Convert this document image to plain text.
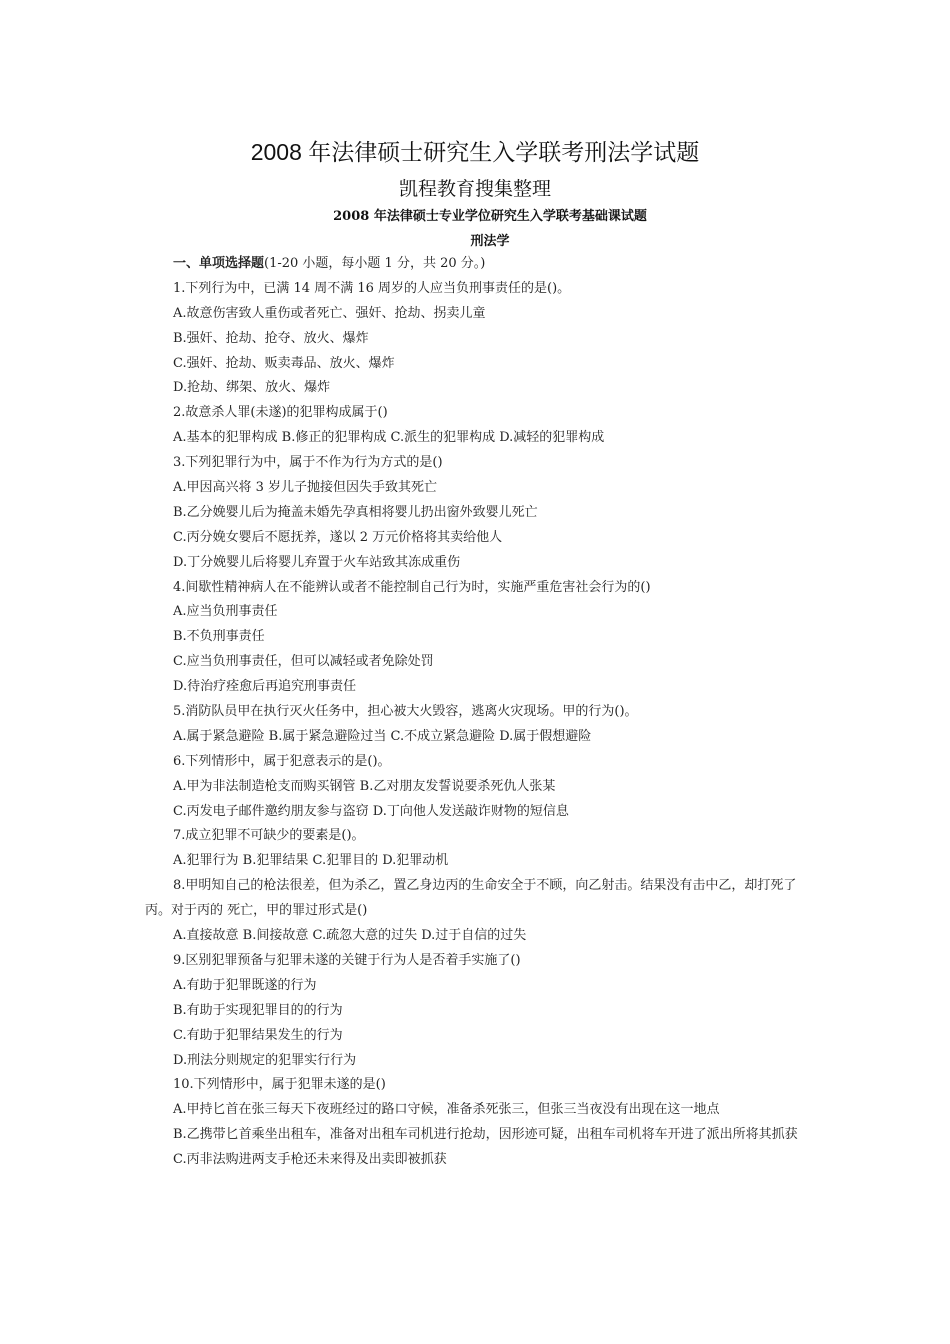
2008 年法律硕士研究生入学联考刑法学试题
凯程教育搜集整理
2008 年法律硕士专业学位研究生入学联考基础课试题
刑法学
一、单项选择题(1-20 小题，每小题 1 分，共 20 分。)
1.下列行为中，已满 14 周不满 16 周岁的人应当负刑事责任的是()。
A.故意伤害致人重伤或者死亡、强奸、抢劫、拐卖儿童
B.强奸、抢劫、抢夺、放火、爆炸
C.强奸、抢劫、贩卖毒品、放火、爆炸
D.抢劫、绑架、放火、爆炸
2.故意杀人罪(未遂)的犯罪构成属于()
A.基本的犯罪构成 B.修正的犯罪构成 C.派生的犯罪构成 D.减轻的犯罪构成
3.下列犯罪行为中，属于不作为行为方式的是()
A.甲因高兴将 3 岁儿子抛接但因失手致其死亡
B.乙分娩婴儿后为掩盖未婚先孕真相将婴儿扔出窗外致婴儿死亡
C.丙分娩女婴后不愿抚养，遂以 2 万元价格将其卖给他人
D.丁分娩婴儿后将婴儿弃置于火车站致其冻成重伤
4.间歇性精神病人在不能辨认或者不能控制自己行为时，实施严重危害社会行为的()
A.应当负刑事责任
B.不负刑事责任
C.应当负刑事责任，但可以减轻或者免除处罚
D.待治疗痊愈后再追究刑事责任
5.消防队员甲在执行灭火任务中，担心被大火毁容，逃离火灾现场。甲的行为()。
A.属于紧急避险 B.属于紧急避险过当 C.不成立紧急避险 D.属于假想避险
6.下列情形中，属于犯意表示的是()。
A.甲为非法制造枪支而购买钢管 B.乙对朋友发誓说要杀死仇人张某
C.丙发电子邮件邀约朋友参与盗窃 D.丁向他人发送敲诈财物的短信息
7.成立犯罪不可缺少的要素是()。
A.犯罪行为 B.犯罪结果 C.犯罪目的 D.犯罪动机
8.甲明知自己的枪法很差，但为杀乙，置乙身边丙的生命安全于不顾，向乙射击。结果没有击中乙，却打死了丙。对于丙的 死亡，甲的罪过形式是()
A.直接故意 B.间接故意 C.疏忽大意的过失 D.过于自信的过失
9.区别犯罪预备与犯罪未遂的关键于行为人是否着手实施了()
A.有助于犯罪既遂的行为
B.有助于实现犯罪目的的行为
C.有助于犯罪结果发生的行为
D.刑法分则规定的犯罪实行行为
10.下列情形中，属于犯罪未遂的是()
A.甲持匕首在张三每天下夜班经过的路口守候，准备杀死张三，但张三当夜没有出现在这一地点
B.乙携带匕首乘坐出租车，准备对出租车司机进行抢劫，因形迹可疑，出租车司机将车开进了派出所将其抓获
C.丙非法购进两支手枪还未来得及出卖即被抓获
